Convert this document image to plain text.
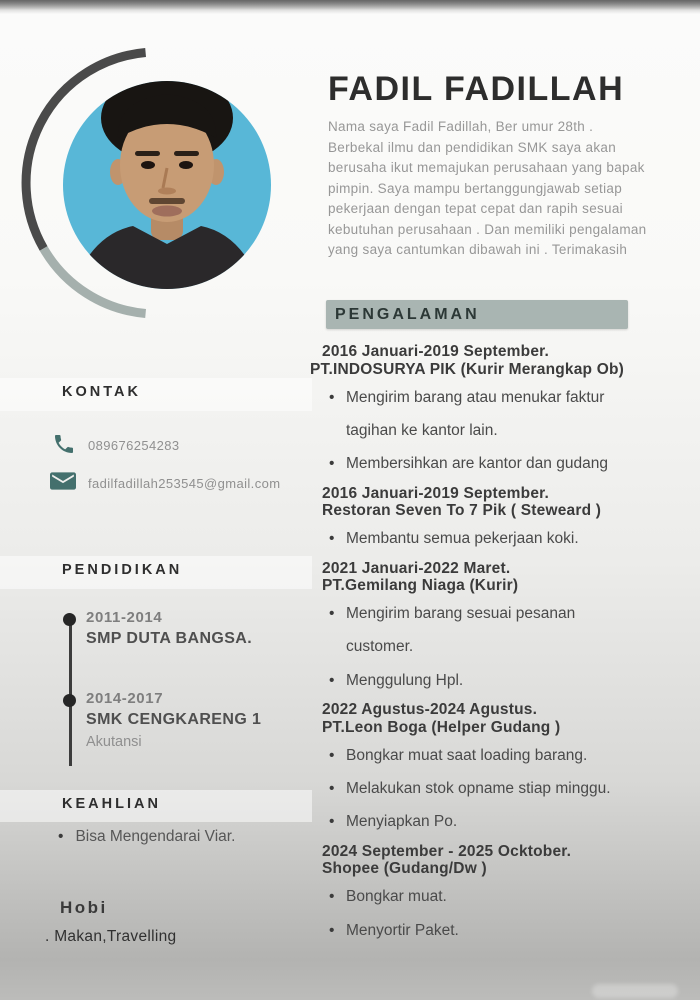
FADIL FADILLAH
Nama saya Fadil Fadillah, Ber umur 28th . Berbekal ilmu dan pendidikan SMK saya akan berusaha ikut memajukan perusahaan yang bapak pimpin. Saya mampu bertanggungjawab setiap pekerjaan dengan tepat cepat dan rapih sesuai kebutuhan perusahaan . Dan memiliki pengalaman yang saya cantumkan dibawah ini . Terimakasih
PENGALAMAN
2016 Januari-2019 September.
PT.INDOSURYA PIK (Kurir Merangkap Ob)
• Mengirim barang atau menukar faktur tagihan ke kantor lain.
• Membersihkan are kantor dan gudang
2016 Januari-2019 September.
Restoran Seven To 7 Pik ( Steweard )
• Membantu semua pekerjaan koki.
2021 Januari-2022 Maret.
PT.Gemilang Niaga (Kurir)
• Mengirim barang sesuai pesanan customer.
• Menggulung Hpl.
2022 Agustus-2024 Agustus.
PT.Leon Boga (Helper Gudang )
• Bongkar muat saat loading barang.
• Melakukan stok opname stiap minggu.
• Menyiapkan Po.
2024 September - 2025 Ocktober.
Shopee (Gudang/Dw )
• Bongkar muat.
• Menyortir Paket.
KONTAK
089676254283
fadilfadillah253545@gmail.com
PENDIDIKAN
2011-2014
SMP DUTA BANGSA.
2014-2017
SMK CENGKARENG 1
Akutansi
KEAHLIAN
• Bisa Mengendarai Viar.
Hobi
. Makan,Travelling
